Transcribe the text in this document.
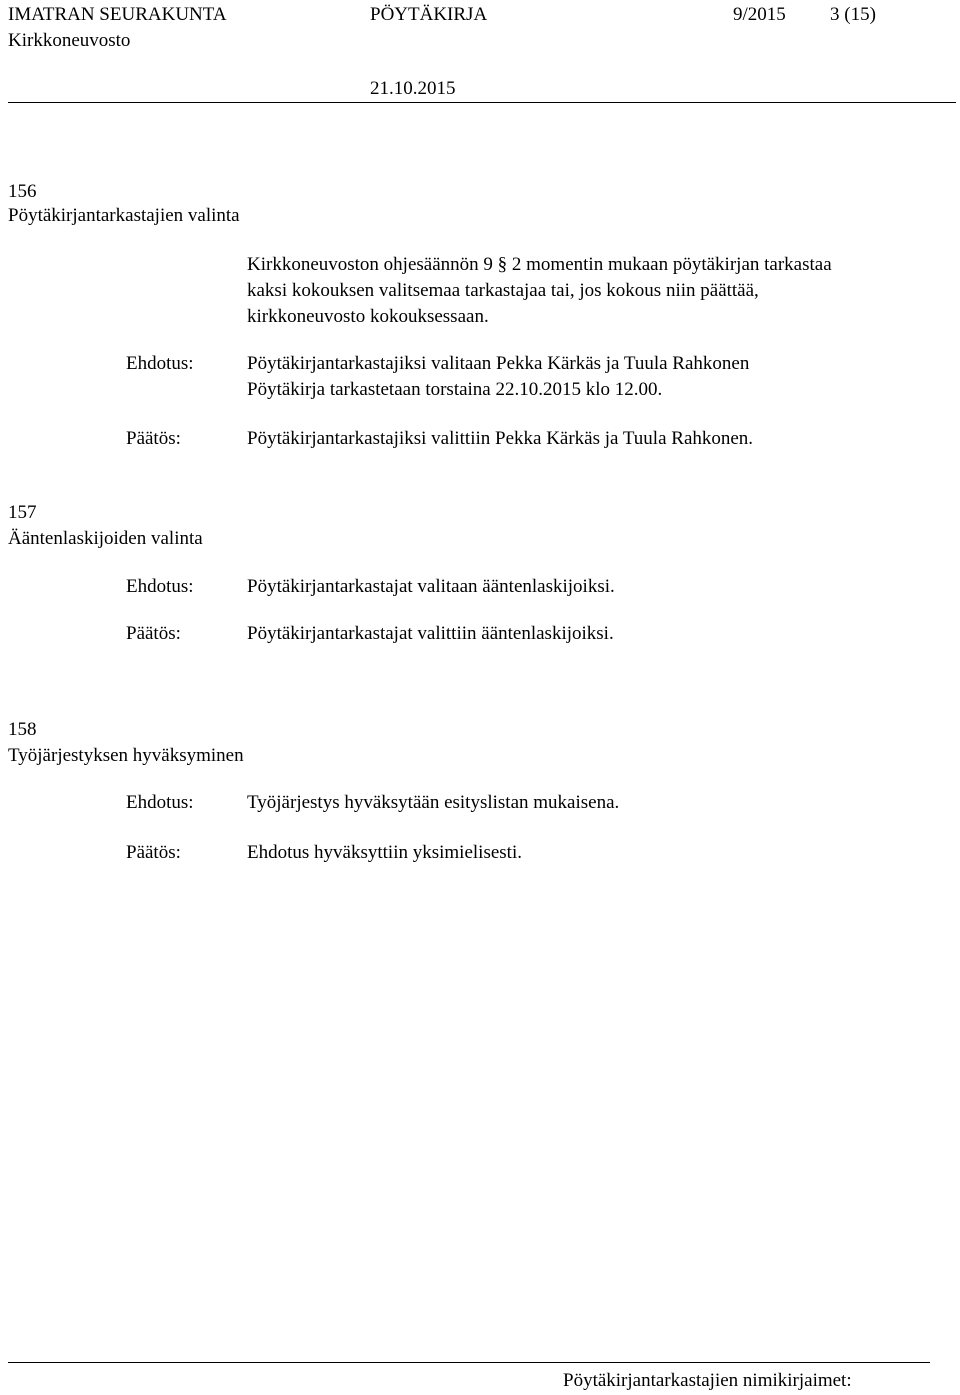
IMATRAN SEURAKUNTA	PÖYTÄKIRJA	9/2015 3 (15)
Kirkkoneuvosto
21.10.2015
156
Pöytäkirjantarkastajien valinta
Kirkkoneuvoston ohjesäännön 9 § 2 momentin mukaan pöytäkirjan tarkastaa
kaksi kokouksen valitsemaa tarkastajaa tai, jos kokous niin päättää,
kirkkoneuvosto kokouksessaan.
Ehdotus:	Pöytäkirjantarkastajiksi valitaan Pekka Kärkäs ja Tuula Rahkonen
Pöytäkirja tarkastetaan torstaina 22.10.2015 klo 12.00.
Päätös:	Pöytäkirjantarkastajiksi valittiin Pekka Kärkäs ja Tuula Rahkonen.
157
Ääntenlaskijoiden valinta
Ehdotus:	Pöytäkirjantarkastajat valitaan ääntenlaskijoiksi.
Päätös:	Pöytäkirjantarkastajat valittiin ääntenlaskijoiksi.
158
Työjärjestyksen hyväksyminen
Ehdotus:	Työjärjestys hyväksytään esityslistan mukaisena.
Päätös:	Ehdotus hyväksyttiin yksimielisesti.
Pöytäkirjantarkastajien nimikirjaimet:
